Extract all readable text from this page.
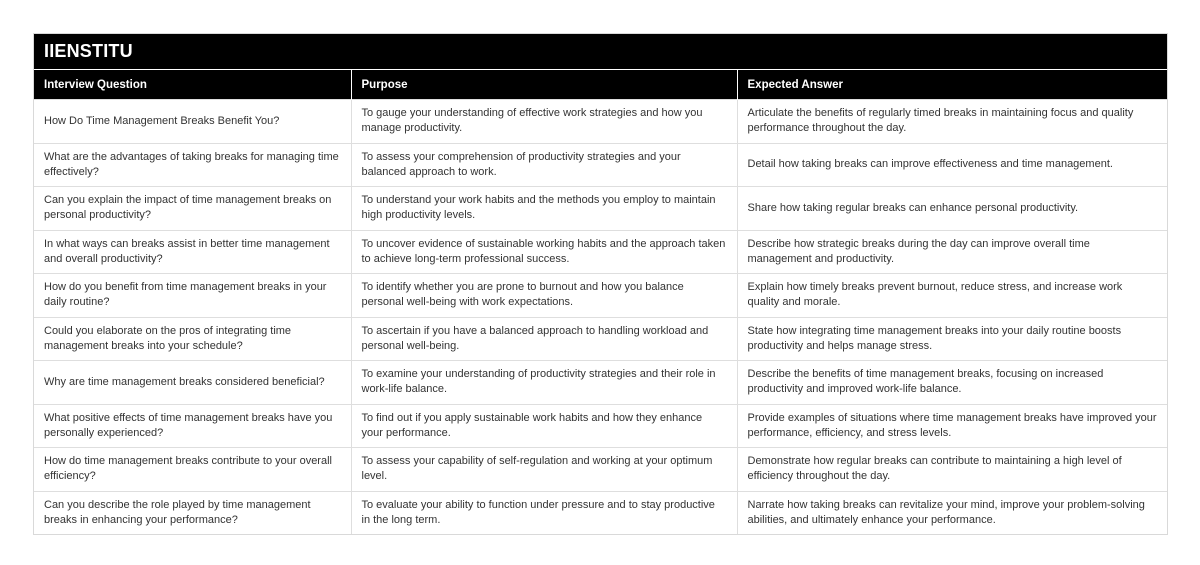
IIENSTITU
Interview Question	Purpose	Expected Answer
How Do Time Management Breaks Benefit You?	To gauge your understanding of effective work strategies and how you manage productivity.	Articulate the benefits of regularly timed breaks in maintaining focus and quality performance throughout the day.
What are the advantages of taking breaks for managing time effectively?	To assess your comprehension of productivity strategies and your balanced approach to work.	Detail how taking breaks can improve effectiveness and time management.
Can you explain the impact of time management breaks on personal productivity?	To understand your work habits and the methods you employ to maintain high productivity levels.	Share how taking regular breaks can enhance personal productivity.
In what ways can breaks assist in better time management and overall productivity?	To uncover evidence of sustainable working habits and the approach taken to achieve long-term professional success.	Describe how strategic breaks during the day can improve overall time management and productivity.
How do you benefit from time management breaks in your daily routine?	To identify whether you are prone to burnout and how you balance personal well-being with work expectations.	Explain how timely breaks prevent burnout, reduce stress, and increase work quality and morale.
Could you elaborate on the pros of integrating time management breaks into your schedule?	To ascertain if you have a balanced approach to handling workload and personal well-being.	State how integrating time management breaks into your daily routine boosts productivity and helps manage stress.
Why are time management breaks considered beneficial?	To examine your understanding of productivity strategies and their role in work-life balance.	Describe the benefits of time management breaks, focusing on increased productivity and improved work-life balance.
What positive effects of time management breaks have you personally experienced?	To find out if you apply sustainable work habits and how they enhance your performance.	Provide examples of situations where time management breaks have improved your performance, efficiency, and stress levels.
How do time management breaks contribute to your overall efficiency?	To assess your capability of self-regulation and working at your optimum level.	Demonstrate how regular breaks can contribute to maintaining a high level of efficiency throughout the day.
Can you describe the role played by time management breaks in enhancing your performance?	To evaluate your ability to function under pressure and to stay productive in the long term.	Narrate how taking breaks can revitalize your mind, improve your problem-solving abilities, and ultimately enhance your performance.
